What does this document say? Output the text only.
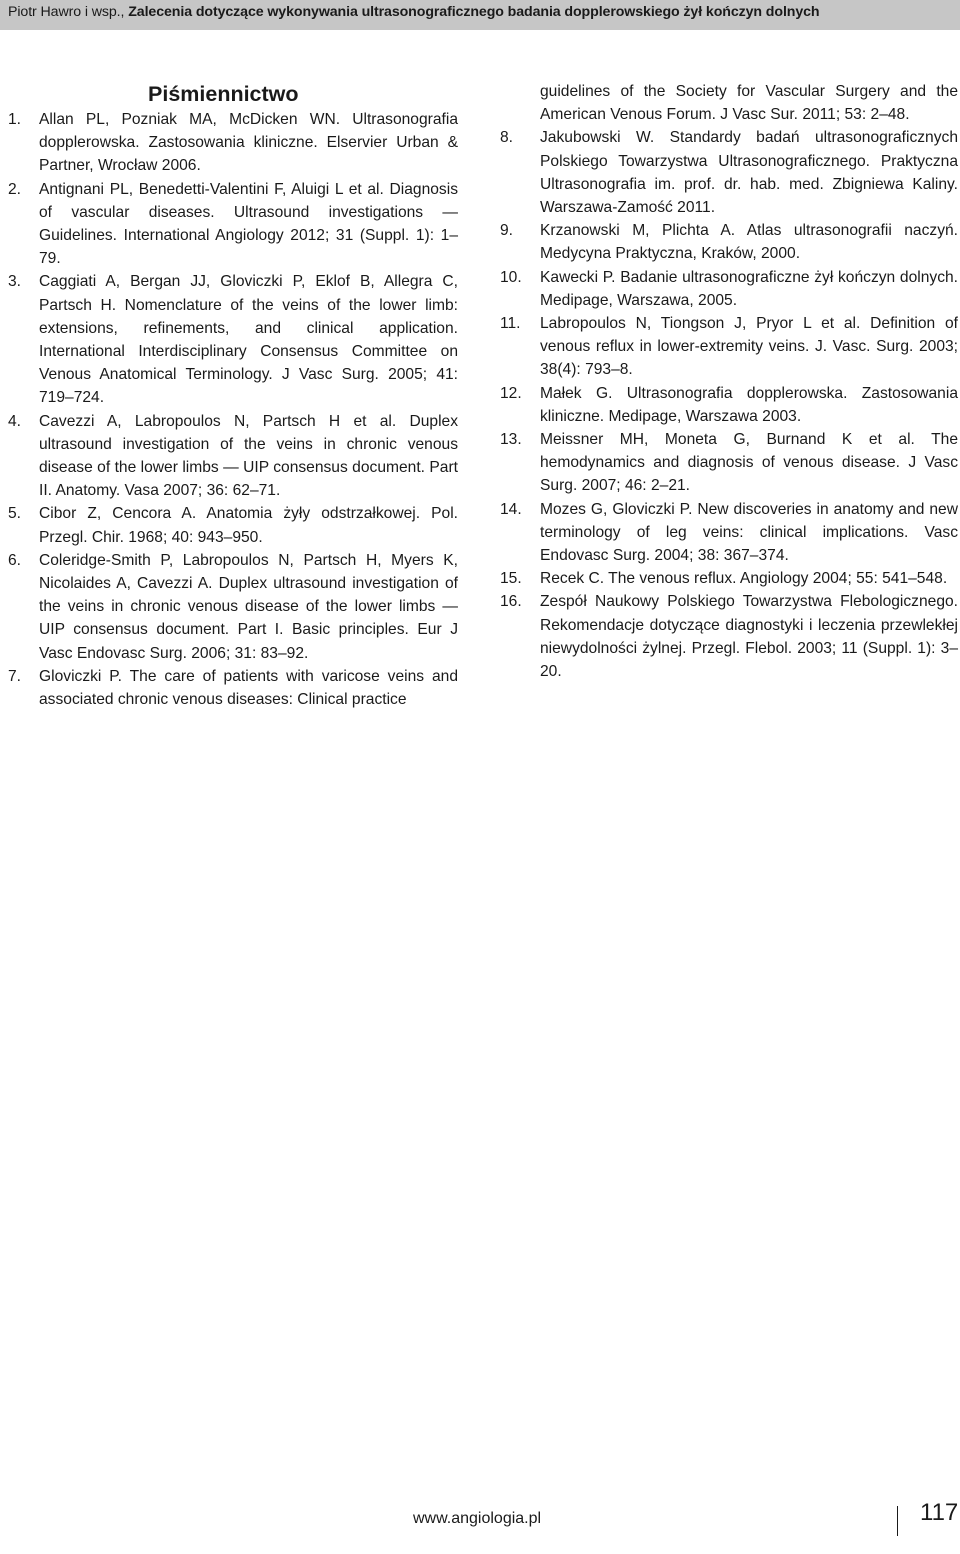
Piotr Hawro i wsp., Zalecenia dotyczące wykonywania ultrasonograficznego badania dopplerowskiego żył kończyn dolnych
Piśmiennictwo
1. Allan PL, Pozniak MA, McDicken WN. Ultrasonografia dopplerowska. Zastosowania kliniczne. Elservier Urban & Partner, Wrocław 2006.
2. Antignani PL, Benedetti-Valentini F, Aluigi L et al. Diagnosis of vascular diseases. Ultrasound investigations — Guidelines. International Angiology 2012; 31 (Suppl. 1): 1–79.
3. Caggiati A, Bergan JJ, Gloviczki P, Eklof B, Allegra C, Partsch H. Nomenclature of the veins of the lower limb: extensions, refinements, and clinical application. International Interdisciplinary Consensus Committee on Venous Anatomical Terminology. J Vasc Surg. 2005; 41: 719–724.
4. Cavezzi A, Labropoulos N, Partsch H et al. Duplex ultrasound investigation of the veins in chronic venous disease of the lower limbs — UIP consensus document. Part II. Anatomy. Vasa 2007; 36: 62–71.
5. Cibor Z, Cencora A. Anatomia żyły odstrzałkowej. Pol. Przegl. Chir. 1968; 40: 943–950.
6. Coleridge-Smith P, Labropoulos N, Partsch H, Myers K, Nicolaides A, Cavezzi A. Duplex ultrasound investigation of the veins in chronic venous disease of the lower limbs — UIP consensus document. Part I. Basic principles. Eur J Vasc Endovasc Surg. 2006; 31: 83–92.
7. Gloviczki P. The care of patients with varicose veins and associated chronic venous diseases: Clinical practice
guidelines of the Society for Vascular Surgery and the American Venous Forum. J Vasc Sur. 2011; 53: 2–48.
8. Jakubowski W. Standardy badań ultrasonograficznych Polskiego Towarzystwa Ultrasonograficznego. Praktyczna Ultrasonografia im. prof. dr. hab. med. Zbigniewa Kaliny. Warszawa-Zamość 2011.
9. Krzanowski M, Plichta A. Atlas ultrasonografii naczyń. Medycyna Praktyczna, Kraków, 2000.
10. Kawecki P. Badanie ultrasonograficzne żył kończyn dolnych. Medipage, Warszawa, 2005.
11. Labropoulos N, Tiongson J, Pryor L et al. Definition of venous reflux in lower-extremity veins. J. Vasc. Surg. 2003; 38(4): 793–8.
12. Małek G. Ultrasonografia dopplerowska. Zastosowania kliniczne. Medipage, Warszawa 2003.
13. Meissner MH, Moneta G, Burnand K et al. The hemodynamics and diagnosis of venous disease. J Vasc Surg. 2007; 46: 2–21.
14. Mozes G, Gloviczki P. New discoveries in anatomy and new terminology of leg veins: clinical implications. Vasc Endovasc Surg. 2004; 38: 367–374.
15. Recek C. The venous reflux. Angiology 2004; 55: 541–548.
16. Zespół Naukowy Polskiego Towarzystwa Flebologicznego. Rekomendacje dotyczące diagnostyki i leczenia przewlekłej niewydolności żylnej. Przegl. Flebol. 2003; 11 (Suppl. 1): 3–20.
www.angiologia.pl	117
